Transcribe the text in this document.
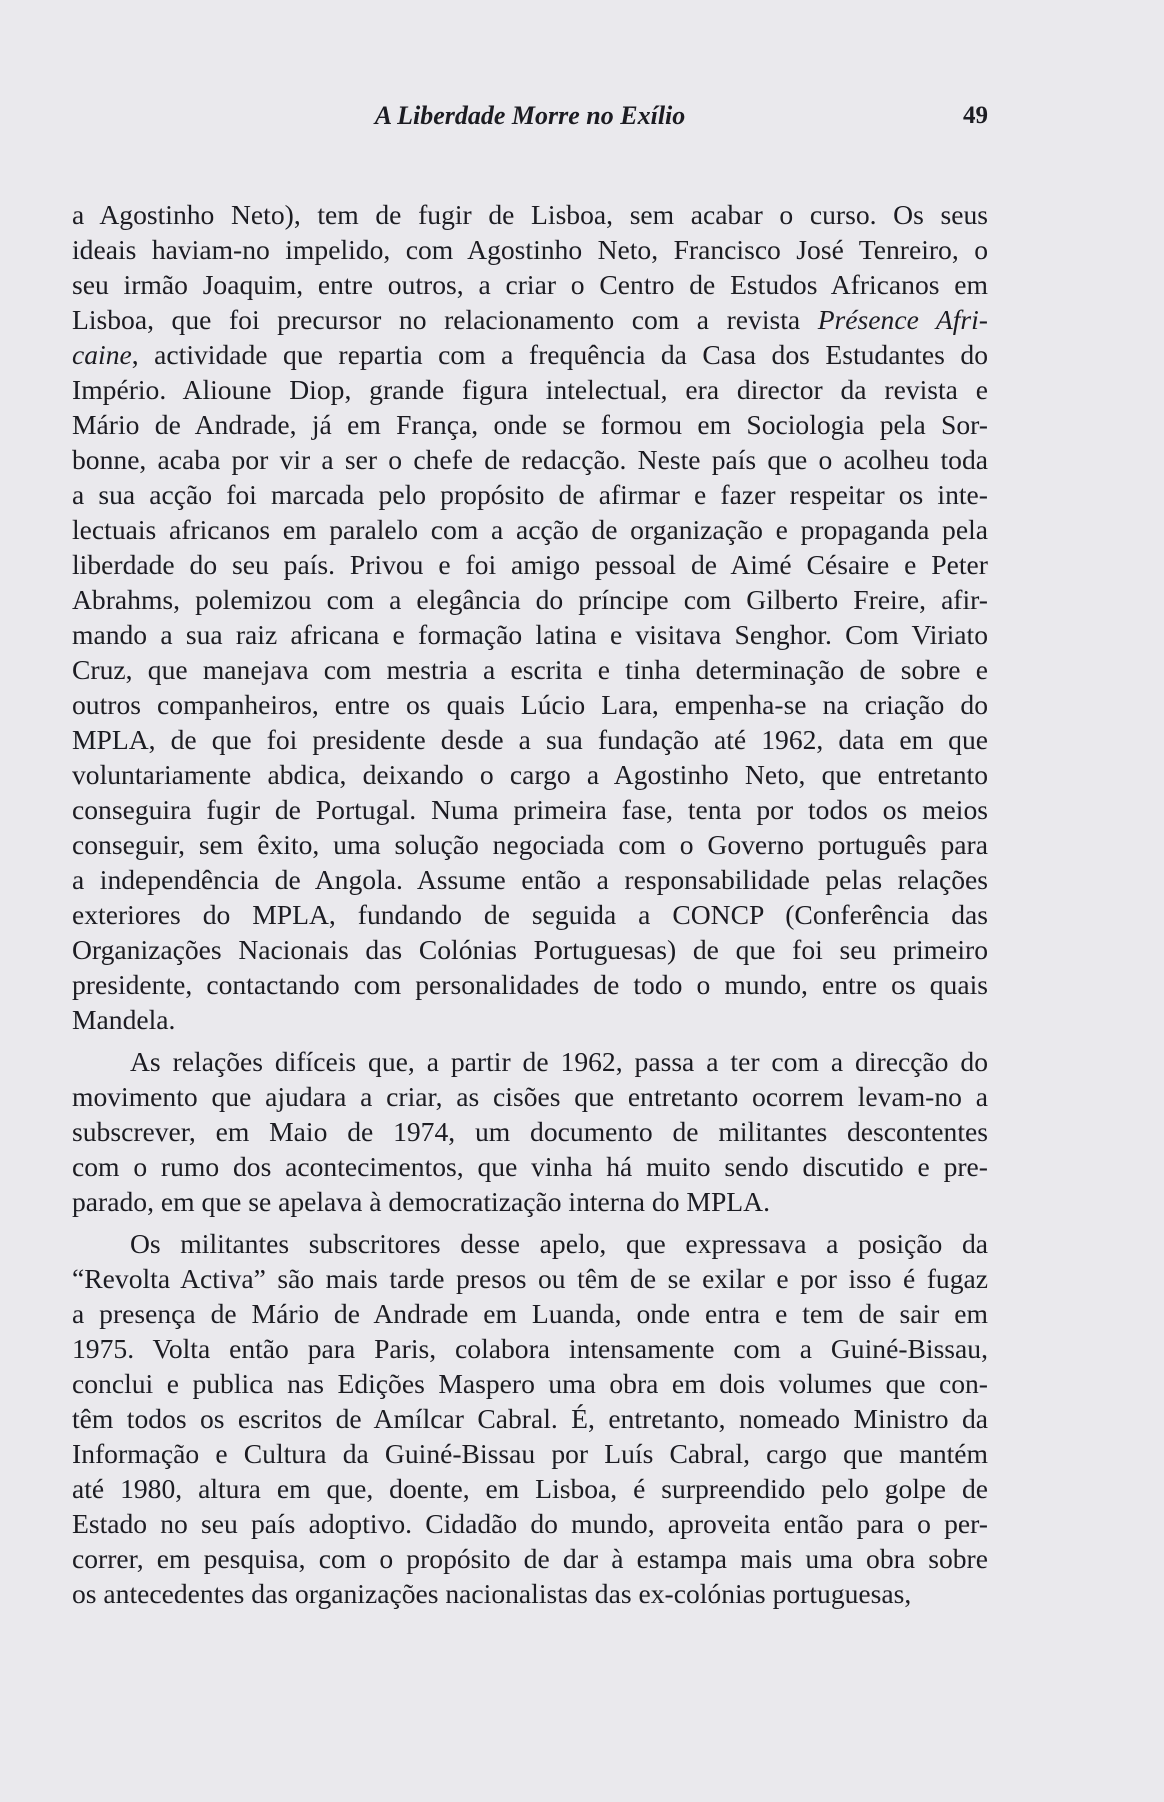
A Liberdade Morre no Exílio	49
a Agostinho Neto), tem de fugir de Lisboa, sem acabar o curso. Os seus
ideais haviam-no impelido, com Agostinho Neto, Francisco José Tenreiro, o
seu irmão Joaquim, entre outros, a criar o Centro de Estudos Africanos em
Lisboa, que foi precursor no relacionamento com a revista Présence Afri-
caine, actividade que repartia com a frequência da Casa dos Estudantes do
Império. Alioune Diop, grande figura intelectual, era director da revista e
Mário de Andrade, já em França, onde se formou em Sociologia pela Sor-
bonne, acaba por vir a ser o chefe de redacção. Neste país que o acolheu toda
a sua acção foi marcada pelo propósito de afirmar e fazer respeitar os inte-
lectuais africanos em paralelo com a acção de organização e propaganda pela
liberdade do seu país. Privou e foi amigo pessoal de Aimé Césaire e Peter
Abrahms, polemizou com a elegância do príncipe com Gilberto Freire, afir-
mando a sua raiz africana e formação latina e visitava Senghor. Com Viriato
Cruz, que manejava com mestria a escrita e tinha determinação de sobre e
outros companheiros, entre os quais Lúcio Lara, empenha-se na criação do
MPLA, de que foi presidente desde a sua fundação até 1962, data em que
voluntariamente abdica, deixando o cargo a Agostinho Neto, que entretanto
conseguira fugir de Portugal. Numa primeira fase, tenta por todos os meios
conseguir, sem êxito, uma solução negociada com o Governo português para
a independência de Angola. Assume então a responsabilidade pelas relações
exteriores do MPLA, fundando de seguida a CONCP (Conferência das
Organizações Nacionais das Colónias Portuguesas) de que foi seu primeiro
presidente, contactando com personalidades de todo o mundo, entre os quais
Mandela.
As relações difíceis que, a partir de 1962, passa a ter com a direcção do
movimento que ajudara a criar, as cisões que entretanto ocorrem levam-no a
subscrever, em Maio de 1974, um documento de militantes descontentes
com o rumo dos acontecimentos, que vinha há muito sendo discutido e pre-
parado, em que se apelava à democratização interna do MPLA.
Os militantes subscritores desse apelo, que expressava a posição da
“Revolta Activa” são mais tarde presos ou têm de se exilar e por isso é fugaz
a presença de Mário de Andrade em Luanda, onde entra e tem de sair em
1975. Volta então para Paris, colabora intensamente com a Guiné-Bissau,
conclui e publica nas Edições Maspero uma obra em dois volumes que con-
têm todos os escritos de Amílcar Cabral. É, entretanto, nomeado Ministro da
Informação e Cultura da Guiné-Bissau por Luís Cabral, cargo que mantém
até 1980, altura em que, doente, em Lisboa, é surpreendido pelo golpe de
Estado no seu país adoptivo. Cidadão do mundo, aproveita então para o per-
correr, em pesquisa, com o propósito de dar à estampa mais uma obra sobre
os antecedentes das organizações nacionalistas das ex-colónias portuguesas,
